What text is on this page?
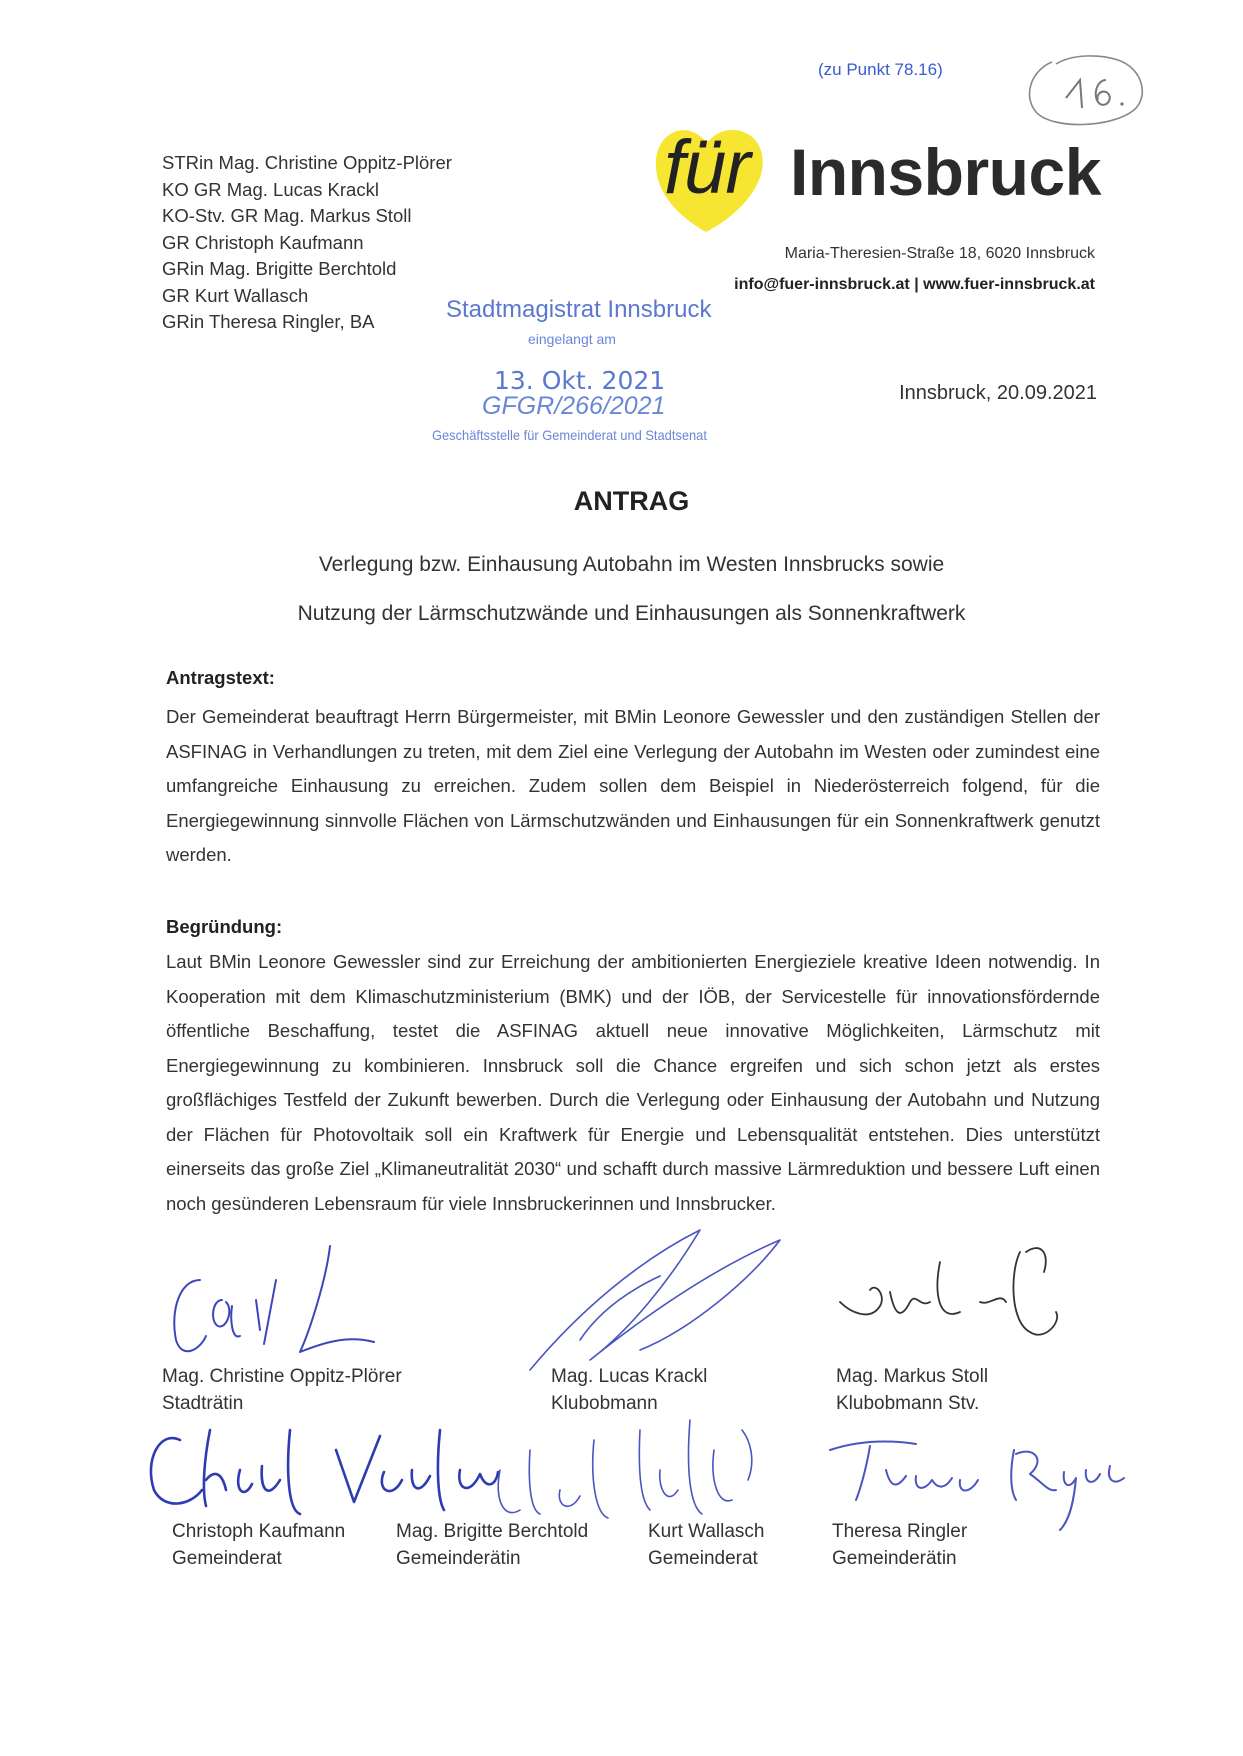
(zu Punkt 78.16)
STRin Mag. Christine Oppitz-Plörer
KO GR Mag. Lucas Krackl
KO-Stv. GR Mag. Markus Stoll
GR Christoph Kaufmann
GRin Mag. Brigitte Berchtold
GR Kurt Wallasch
GRin Theresa Ringler, BA
für Innsbruck
Maria-Theresien-Straße 18, 6020 Innsbruck
info@fuer-innsbruck.at | www.fuer-innsbruck.at
Stadtmagistrat Innsbruck
eingelangt am
13. Okt. 2021
GFGR/266/2021
Geschäftsstelle für Gemeinderat und Stadtsenat
Innsbruck, 20.09.2021
ANTRAG
Verlegung bzw. Einhausung Autobahn im Westen Innsbrucks sowie
Nutzung der Lärmschutzwände und Einhausungen als Sonnenkraftwerk
Antragstext:
Der Gemeinderat beauftragt Herrn Bürgermeister, mit BMin Leonore Gewessler und den zuständigen Stellen der ASFINAG in Verhandlungen zu treten, mit dem Ziel eine Verlegung der Autobahn im Westen oder zumindest eine umfangreiche Einhausung zu erreichen. Zudem sollen dem Beispiel in Niederösterreich folgend, für die Energiegewinnung sinnvolle Flächen von Lärmschutzwänden und Einhausungen für ein Sonnenkraftwerk genutzt werden.
Begründung:
Laut BMin Leonore Gewessler sind zur Erreichung der ambitionierten Energieziele kreative Ideen notwendig. In Kooperation mit dem Klimaschutzministerium (BMK) und der IÖB, der Servicestelle für innovationsfördernde öffentliche Beschaffung, testet die ASFINAG aktuell neue innovative Möglichkeiten, Lärmschutz mit Energiegewinnung zu kombinieren. Innsbruck soll die Chance ergreifen und sich schon jetzt als erstes großflächiges Testfeld der Zukunft bewerben. Durch die Verlegung oder Einhausung der Autobahn und Nutzung der Flächen für Photovoltaik soll ein Kraftwerk für Energie und Lebensqualität entstehen. Dies unterstützt einerseits das große Ziel „Klimaneutralität 2030“ und schafft durch massive Lärmreduktion und bessere Luft einen noch gesünderen Lebensraum für viele Innsbruckerinnen und Innsbrucker.
Mag. Christine Oppitz-Plörer
Stadträtin
Mag. Lucas Krackl
Klubobmann
Mag. Markus Stoll
Klubobmann Stv.
Christoph Kaufmann
Gemeinderat
Mag. Brigitte Berchtold
Gemeinderätin
Kurt Wallasch
Gemeinderat
Theresa Ringler
Gemeinderätin
